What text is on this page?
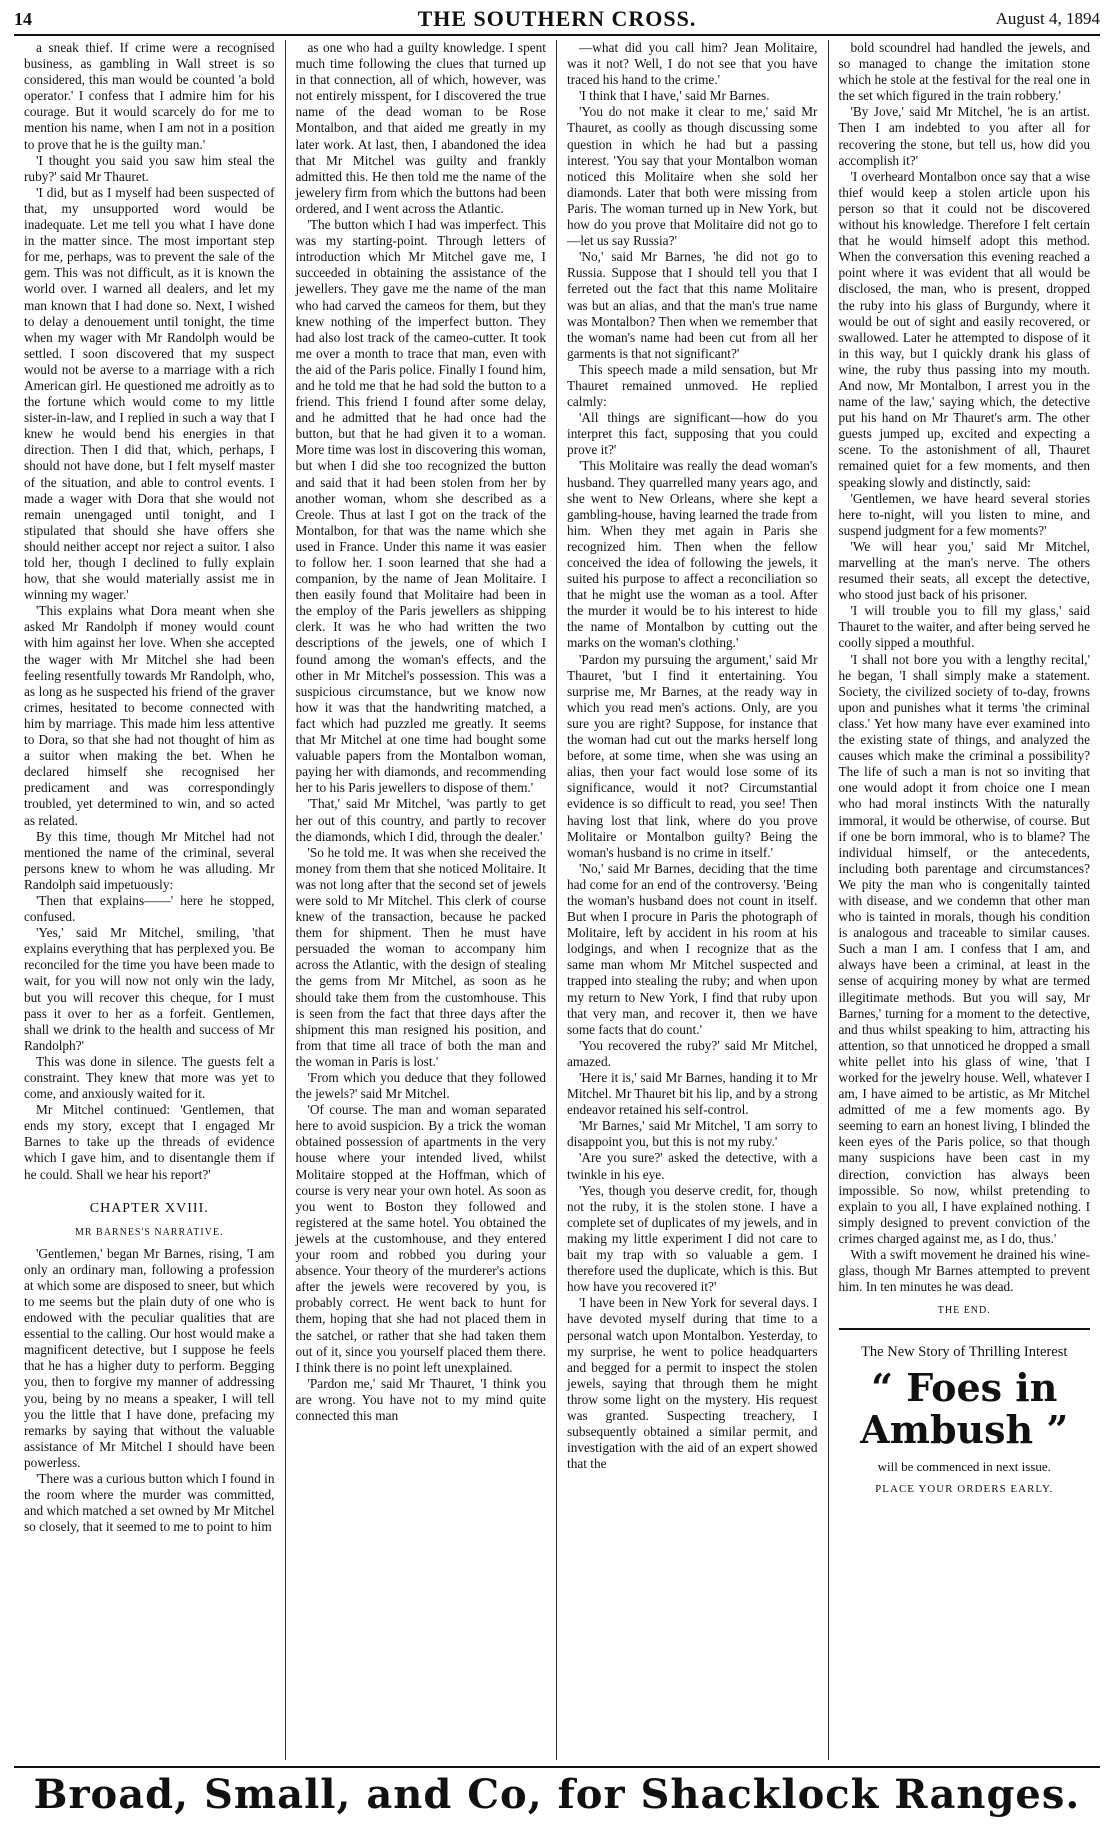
14	THE SOUTHERN CROSS.	August 4, 1894

a sneak thief. If crime were a recognised business, as gambling in Wall street is so considered, this man would be counted 'a bold operator.' I confess that I admire him for his courage. But it would scarcely do for me to mention his name, when I am not in a position to prove that he is the guilty man.'

'I thought you said you saw him steal the ruby?' said Mr Thauret.

'I did, but as I myself had been suspected of that, my unsupported word would be inadequate. Let me tell you what I have done in the matter since. The most important step for me, perhaps, was to prevent the sale of the gem. This was not difficult, as it is known the world over. I warned all dealers, and let my man known that I had done so. Next, I wished to delay a denouement until tonight, the time when my wager with Mr Randolph would be settled. I soon discovered that my suspect would not be averse to a marriage with a rich American girl. He questioned me adroitly as to the fortune which would come to my little sister-in-law, and I replied in such a way that I knew he would bend his energies in that direction. Then I did that, which, perhaps, I should not have done, but I felt myself master of the situation, and able to control events. I made a wager with Dora that she would not remain unengaged until tonight, and I stipulated that should she have offers she should neither accept nor reject a suitor. I also told her, though I declined to fully explain how, that she would materially assist me in winning my wager.'

'This explains what Dora meant when she asked Mr Randolph if money would count with him against her love. When she accepted the wager with Mr Mitchel she had been feeling resentfully towards Mr Randolph, who, as long as he suspected his friend of the graver crimes, hesitated to become connected with him by marriage. This made him less attentive to Dora, so that she had not thought of him as a suitor when making the bet. When he declared himself she recognised her predicament and was correspondingly troubled, yet determined to win, and so acted as related.

By this time, though Mr Mitchel had not mentioned the name of the criminal, several persons knew to whom he was alluding. Mr Randolph said impetuously:

'Then that explains——' here he stopped, confused.

'Yes,' said Mr Mitchel, smiling, 'that explains everything that has perplexed you. Be reconciled for the time you have been made to wait, for you will now not only win the lady, but you will recover this cheque, for I must pass it over to her as a forfeit. Gentlemen, shall we drink to the health and success of Mr Randolph?'

This was done in silence. The guests felt a constraint. They knew that more was yet to come, and anxiously waited for it.

Mr Mitchel continued: 'Gentlemen, that ends my story, except that I engaged Mr Barnes to take up the threads of evidence which I gave him, and to disentangle them if he could. Shall we hear his report?'

CHAPTER XVIII.
MR BARNES'S NARRATIVE.

'Gentlemen,' began Mr Barnes, rising, 'I am only an ordinary man, following a profession at which some are disposed to sneer, but which to me seems but the plain duty of one who is endowed with the peculiar qualities that are essential to the calling. Our host would make a magnificent detective, but I suppose he feels that he has a higher duty to perform. Begging you, then to forgive my manner of addressing you, being by no means a speaker, I will tell you the little that I have done, prefacing my remarks by saying that without the valuable assistance of Mr Mitchel I should have been powerless.

'There was a curious button which I found in the room where the murder was committed, and which matched a set owned by Mr Mitchel so closely, that it seemed to me to point to him

as one who had a guilty knowledge. I spent much time following the clues that turned up in that connection, all of which, however, was not entirely misspent, for I discovered the true name of the dead woman to be Rose Montalbon, and that aided me greatly in my later work. At last, then, I abandoned the idea that Mr Mitchel was guilty and frankly admitted this. He then told me the name of the jewelery firm from which the buttons had been ordered, and I went across the Atlantic.

'The button which I had was imperfect. This was my starting-point. Through letters of introduction which Mr Mitchel gave me, I succeeded in obtaining the assistance of the jewellers. They gave me the name of the man who had carved the cameos for them, but they knew nothing of the imperfect button. They had also lost track of the cameo-cutter. It took me over a month to trace that man, even with the aid of the Paris police. Finally I found him, and he told me that he had sold the button to a friend. This friend I found after some delay, and he admitted that he had once had the button, but that he had given it to a woman. More time was lost in discovering this woman, but when I did she too recognized the button and said that it had been stolen from her by another woman, whom she described as a Creole. Thus at last I got on the track of the Montalbon, for that was the name which she used in France. Under this name it was easier to follow her. I soon learned that she had a companion, by the name of Jean Molitaire. I then easily found that Molitaire had been in the employ of the Paris jewellers as shipping clerk. It was he who had written the two descriptions of the jewels, one of which I found among the woman's effects, and the other in Mr Mitchel's possession. This was a suspicious circumstance, but we know now how it was that the handwriting matched, a fact which had puzzled me greatly. It seems that Mr Mitchel at one time had bought some valuable papers from the Montalbon woman, paying her with diamonds, and recommending her to his Paris jewellers to dispose of them.'

'That,' said Mr Mitchel, 'was partly to get her out of this country, and partly to recover the diamonds, which I did, through the dealer.'

'So he told me. It was when she received the money from them that she noticed Molitaire. It was not long after that the second set of jewels were sold to Mr Mitchel. This clerk of course knew of the transaction, because he packed them for shipment. Then he must have persuaded the woman to accompany him across the Atlantic, with the design of stealing the gems from Mr Mitchel, as soon as he should take them from the customhouse. This is seen from the fact that three days after the shipment this man resigned his position, and from that time all trace of both the man and the woman in Paris is lost.'

'From which you deduce that they followed the jewels?' said Mr Mitchel.

'Of course. The man and woman separated here to avoid suspicion. By a trick the woman obtained possession of apartments in the very house where your intended lived, whilst Molitaire stopped at the Hoffman, which of course is very near your own hotel. As soon as you went to Boston they followed and registered at the same hotel. You obtained the jewels at the customhouse, and they entered your room and robbed you during your absence. Your theory of the murderer's actions after the jewels were recovered by you, is probably correct. He went back to hunt for them, hoping that she had not placed them in the satchel, or rather that she had taken them out of it, since you yourself placed them there. I think there is no point left unexplained.

'Pardon me,' said Mr Thauret, 'I think you are wrong. You have not to my mind quite connected this man

—what did you call him? Jean Molitaire, was it not? Well, I do not see that you have traced his hand to the crime.'

'I think that I have,' said Mr Barnes.

'You do not make it clear to me,' said Mr Thauret, as coolly as though discussing some question in which he had but a passing interest. 'You say that your Montalbon woman noticed this Molitaire when she sold her diamonds. Later that both were missing from Paris. The woman turned up in New York, but how do you prove that Molitaire did not go to—let us say Russia?'

'No,' said Mr Barnes, 'he did not go to Russia. Suppose that I should tell you that I ferreted out the fact that this name Molitaire was but an alias, and that the man's true name was Montalbon? Then when we remember that the woman's name had been cut from all her garments is that not significant?'

This speech made a mild sensation, but Mr Thauret remained unmoved. He replied calmly:

'All things are significant—how do you interpret this fact, supposing that you could prove it?'

'This Molitaire was really the dead woman's husband. They quarrelled many years ago, and she went to New Orleans, where she kept a gambling-house, having learned the trade from him. When they met again in Paris she recognized him. Then when the fellow conceived the idea of following the jewels, it suited his purpose to affect a reconciliation so that he might use the woman as a tool. After the murder it would be to his interest to hide the name of Montalbon by cutting out the marks on the woman's clothing.'

'Pardon my pursuing the argument,' said Mr Thauret, 'but I find it entertaining. You surprise me, Mr Barnes, at the ready way in which you read men's actions. Only, are you sure you are right? Suppose, for instance that the woman had cut out the marks herself long before, at some time, when she was using an alias, then your fact would lose some of its significance, would it not? Circumstantial evidence is so difficult to read, you see! Then having lost that link, where do you prove Molitaire or Montalbon guilty? Being the woman's husband is no crime in itself.'

'No,' said Mr Barnes, deciding that the time had come for an end of the controversy. 'Being the woman's husband does not count in itself. But when I procure in Paris the photograph of Molitaire, left by accident in his room at his lodgings, and when I recognize that as the same man whom Mr Mitchel suspected and trapped into stealing the ruby; and when upon my return to New York, I find that ruby upon that very man, and recover it, then we have some facts that do count.'

'You recovered the ruby?' said Mr Mitchel, amazed.

'Here it is,' said Mr Barnes, handing it to Mr Mitchel. Mr Thauret bit his lip, and by a strong endeavor retained his self-control.

'Mr Barnes,' said Mr Mitchel, 'I am sorry to disappoint you, but this is not my ruby.'

'Are you sure?' asked the detective, with a twinkle in his eye.

'Yes, though you deserve credit, for, though not the ruby, it is the stolen stone. I have a complete set of duplicates of my jewels, and in making my little experiment I did not care to bait my trap with so valuable a gem. I therefore used the duplicate, which is this. But how have you recovered it?'

'I have been in New York for several days. I have devoted myself during that time to a personal watch upon Montalbon. Yesterday, to my surprise, he went to police headquarters and begged for a permit to inspect the stolen jewels, saying that through them he might throw some light on the mystery. His request was granted. Suspecting treachery, I subsequently obtained a similar permit, and investigation with the aid of an expert showed that the

bold scoundrel had handled the jewels, and so managed to change the imitation stone which he stole at the festival for the real one in the set which figured in the train robbery.'

'By Jove,' said Mr Mitchel, 'he is an artist. Then I am indebted to you after all for recovering the stone, but tell us, how did you accomplish it?'

'I overheard Montalbon once say that a wise thief would keep a stolen article upon his person so that it could not be discovered without his knowledge. Therefore I felt certain that he would himself adopt this method. When the conversation this evening reached a point where it was evident that all would be disclosed, the man, who is present, dropped the ruby into his glass of Burgundy, where it would be out of sight and easily recovered, or swallowed. Later he attempted to dispose of it in this way, but I quickly drank his glass of wine, the ruby thus passing into my mouth. And now, Mr Montalbon, I arrest you in the name of the law,' saying which, the detective put his hand on Mr Thauret's arm. The other guests jumped up, excited and expecting a scene. To the astonishment of all, Thauret remained quiet for a few moments, and then speaking slowly and distinctly, said:

'Gentlemen, we have heard several stories here to-night, will you listen to mine, and suspend judgment for a few moments?'

'We will hear you,' said Mr Mitchel, marvelling at the man's nerve. The others resumed their seats, all except the detective, who stood just back of his prisoner.

'I will trouble you to fill my glass,' said Thauret to the waiter, and after being served he coolly sipped a mouthful.

'I shall not bore you with a lengthy recital,' he began, 'I shall simply make a statement. Society, the civilized society of to-day, frowns upon and punishes what it terms 'the criminal class.' Yet how many have ever examined into the existing state of things, and analyzed the causes which make the criminal a possibility? The life of such a man is not so inviting that one would adopt it from choice one I mean who had moral instincts With the naturally immoral, it would be otherwise, of course. But if one be born immoral, who is to blame? The individual himself, or the antecedents, including both parentage and circumstances? We pity the man who is congenitally tainted with disease, and we condemn that other man who is tainted in morals, though his condition is analogous and traceable to similar causes. Such a man I am. I confess that I am, and always have been a criminal, at least in the sense of acquiring money by what are termed illegitimate methods. But you will say, Mr Barnes,' turning for a moment to the detective, and thus whilst speaking to him, attracting his attention, so that unnoticed he dropped a small white pellet into his glass of wine, 'that I worked for the jewelry house. Well, whatever I am, I have aimed to be artistic, as Mr Mitchel admitted of me a few moments ago. By seeming to earn an honest living, I blinded the keen eyes of the Paris police, so that though many suspicions have been cast in my direction, conviction has always been impossible. So now, whilst pretending to explain to you all, I have explained nothing. I simply designed to prevent conviction of the crimes charged against me, as I do, thus.'

With a swift movement he drained his wine-glass, though Mr Barnes attempted to prevent him. In ten minutes he was dead.

THE END.
The New Story of Thrilling Interest
“ Foes in
Ambush ”
will be commenced in next issue.
PLACE YOUR ORDERS EARLY.
Broad, Small, and Co, for Shacklock Ranges.
